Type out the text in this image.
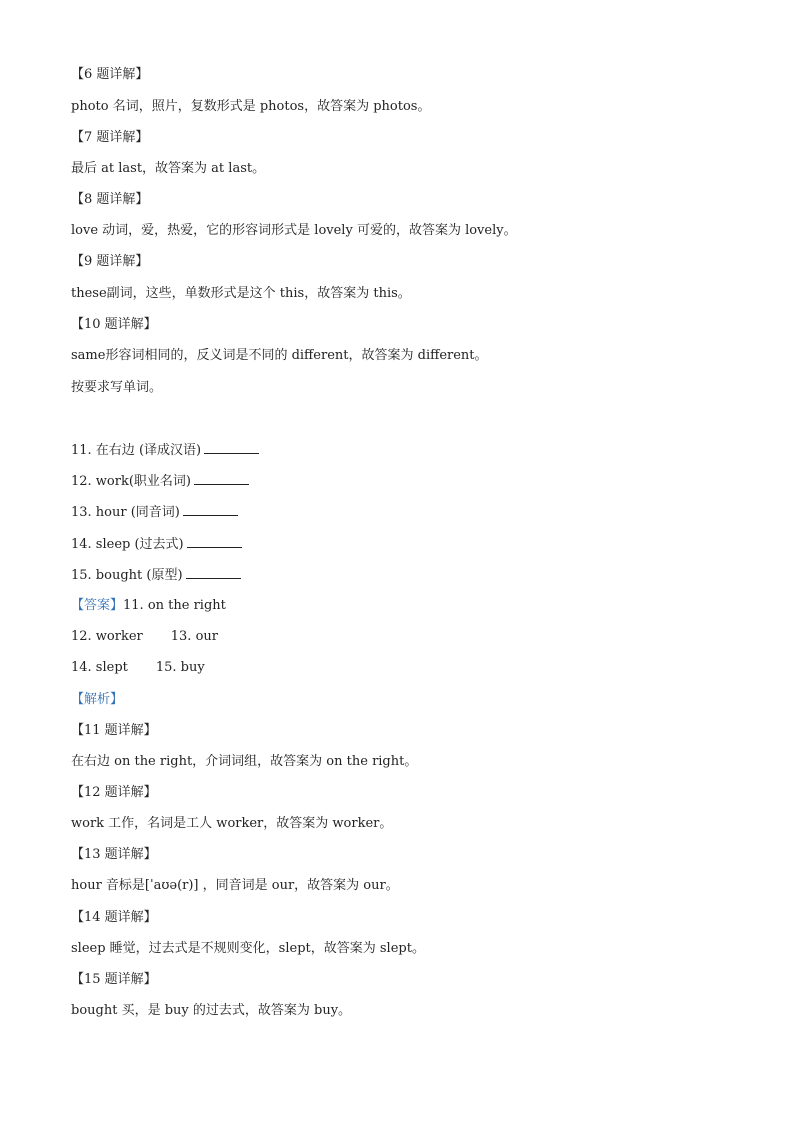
【6 题详解】
photo 名词，照片，复数形式是 photos，故答案为 photos。
【7 题详解】
最后 at last，故答案为 at last。
【8 题详解】
love 动词，爱，热爱，它的形容词形式是 lovely 可爱的，故答案为 lovely。
【9 题详解】
these副词，这些，单数形式是这个 this，故答案为 this。
【10 题详解】
same形容词相同的，反义词是不同的 different，故答案为 different。
按要求写单词。
11. 在右边 (译成汉语)
12. work(职业名词)
13. hour (同音词)
14. sleep (过去式)
15. bought (原型)
【答案】11. on the right
12. worker 13. our
14. slept 15. buy
【解析】
【11 题详解】
在右边 on the right，介词词组，故答案为 on the right。
【12 题详解】
work 工作，名词是工人 worker，故答案为 worker。
【13 题详解】
hour 音标是[ˈaʊə(r)] ，同音词是 our，故答案为 our。
【14 题详解】
sleep 睡觉，过去式是不规则变化，slept，故答案为 slept。
【15 题详解】
bought 买，是 buy 的过去式，故答案为 buy。
